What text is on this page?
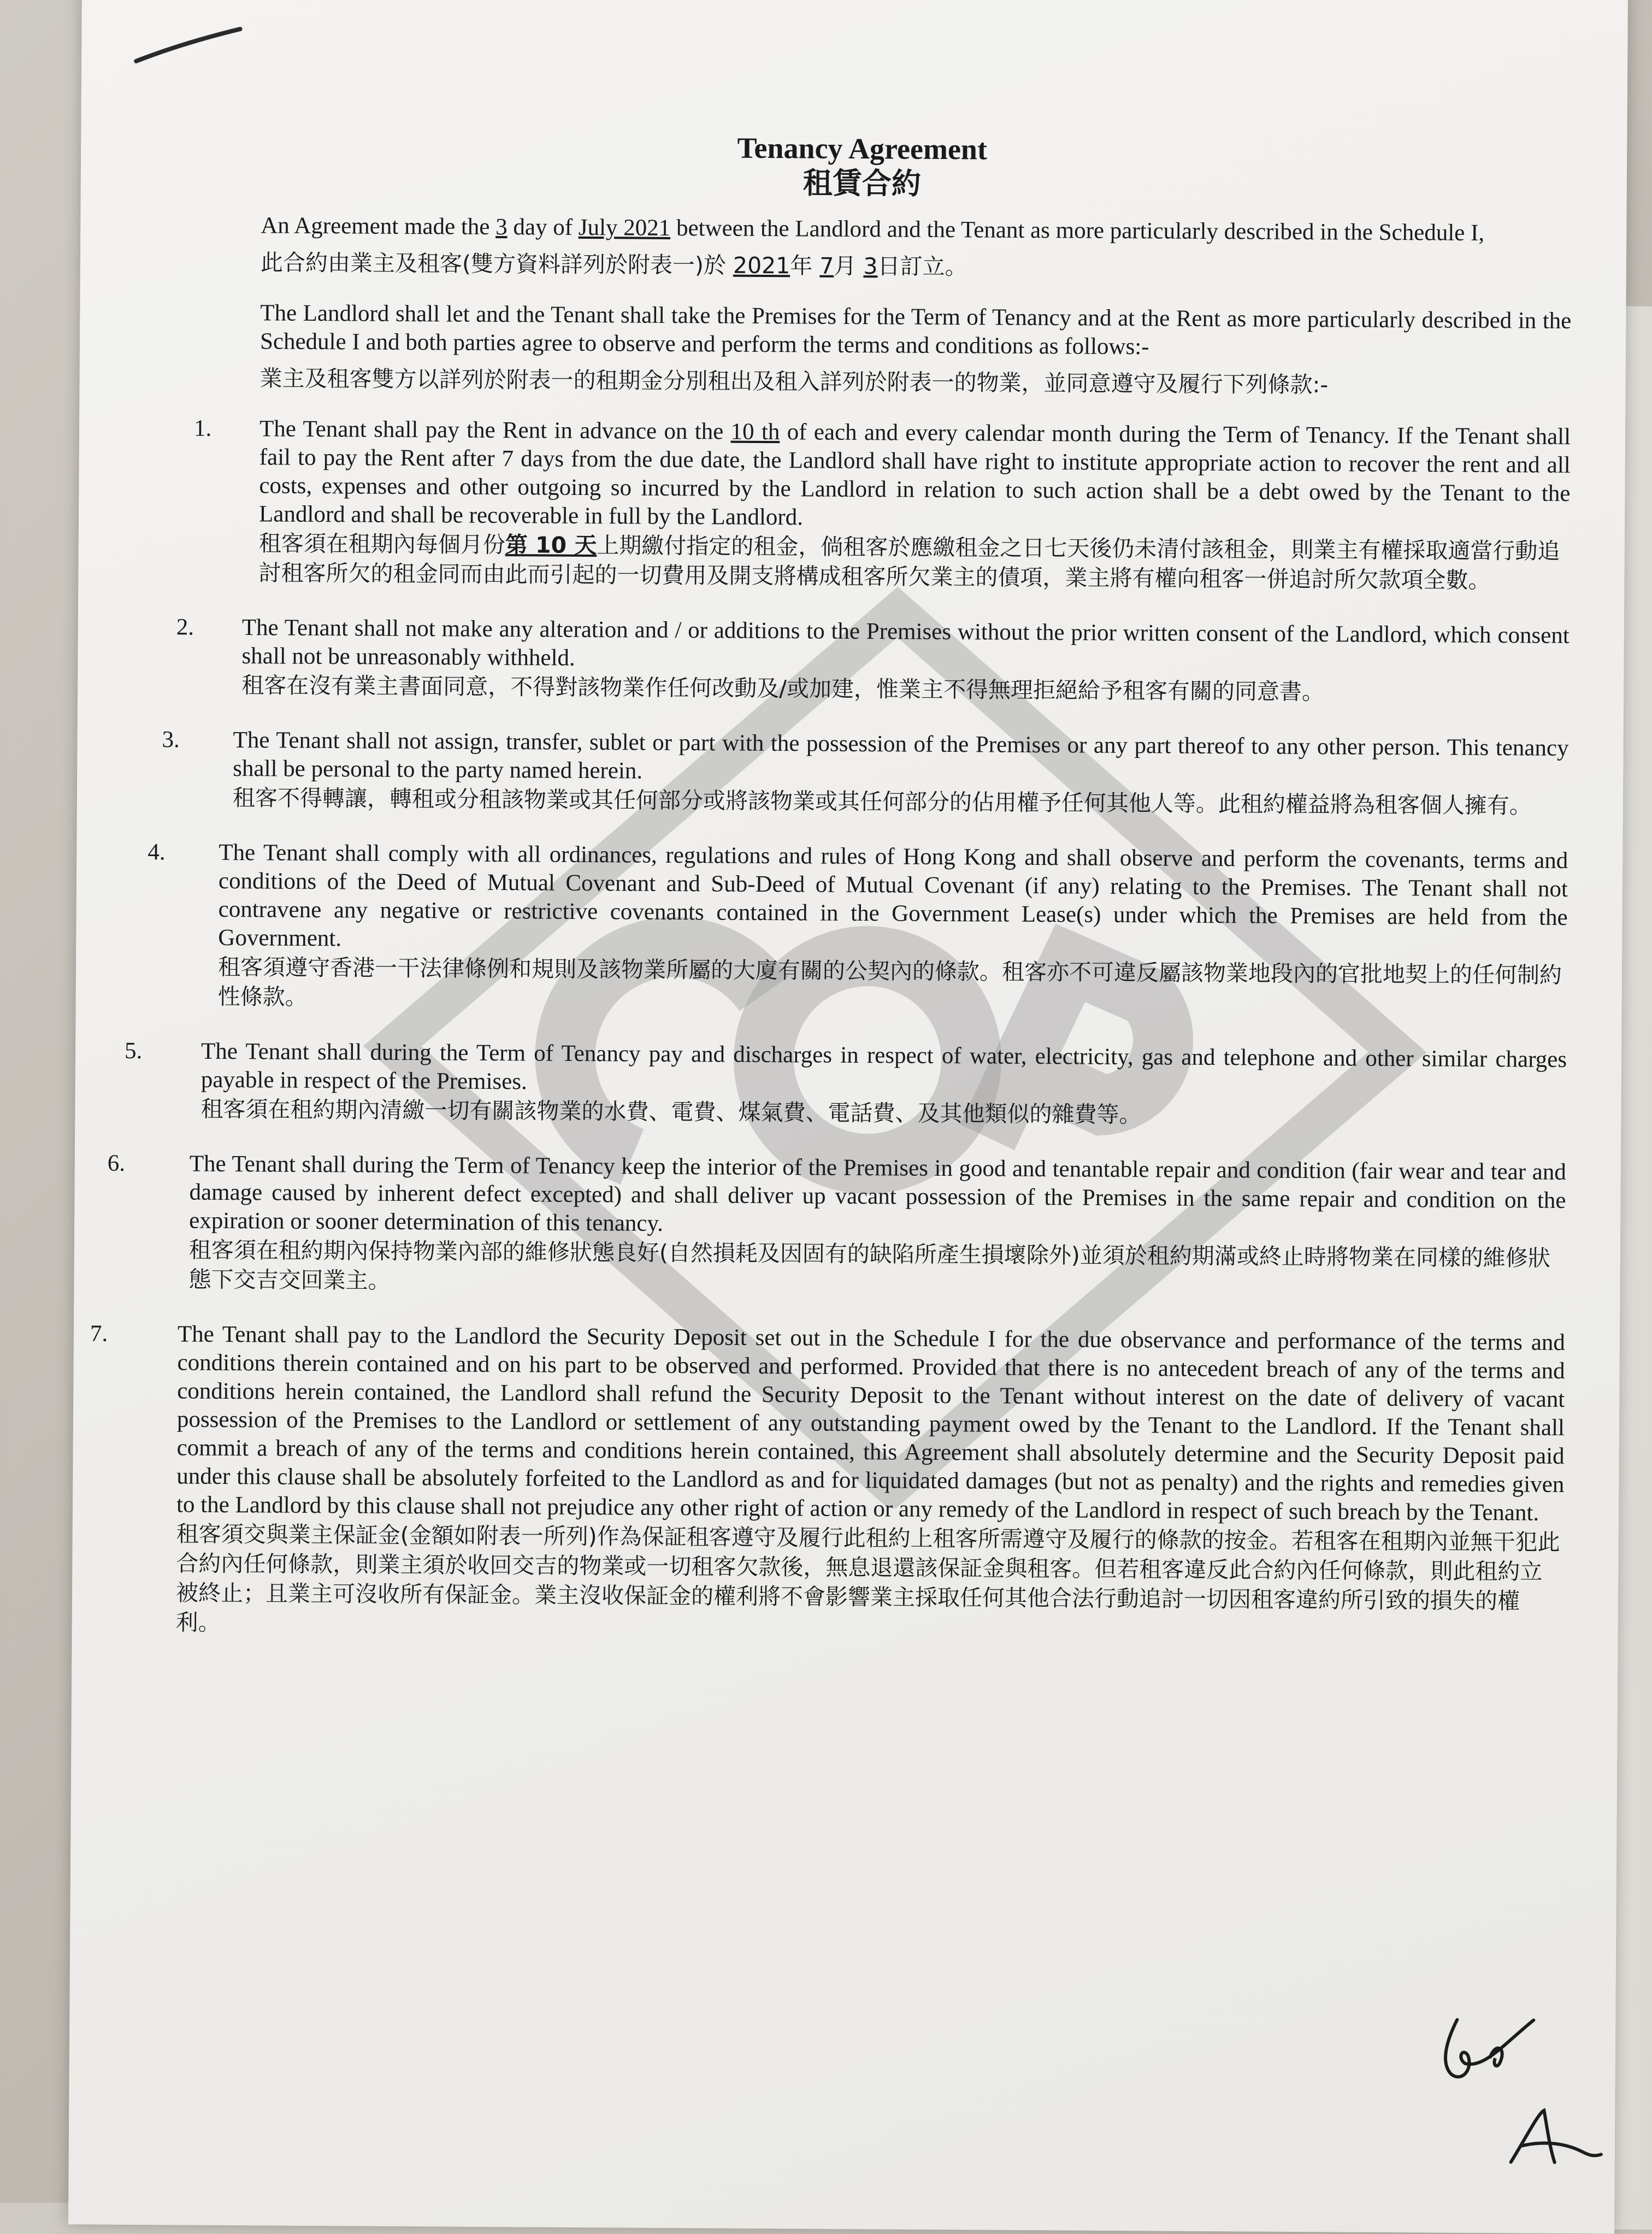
Tenancy Agreement
租賃合約
An Agreement made the 3 day of July 2021 between the Landlord and the Tenant as more particularly described in the Schedule I,
此合約由業主及租客(雙方資料詳列於附表一)於 2021年 7月 3日訂立。
The Landlord shall let and the Tenant shall take the Premises for the Term of Tenancy and at the Rent as more particularly described in the Schedule I and both parties agree to observe and perform the terms and conditions as follows:-
業主及租客雙方以詳列於附表一的租期金分別租出及租入詳列於附表一的物業，並同意遵守及履行下列條款:-
1.	The Tenant shall pay the Rent in advance on the 10 th of each and every calendar month during the Term of Tenancy. If the Tenant shall fail to pay the Rent after 7 days from the due date, the Landlord shall have right to institute appropriate action to recover the rent and all costs, expenses and other outgoing so incurred by the Landlord in relation to such action shall be a debt owed by the Tenant to the Landlord and shall be recoverable in full by the Landlord.
租客須在租期內每個月份第 10 天上期繳付指定的租金，倘租客於應繳租金之日七天後仍未清付該租金，則業主有權採取適當行動追討租客所欠的租金同而由此而引起的一切費用及開支將構成租客所欠業主的債項，業主將有權向租客一併追討所欠款項全數。
2.	The Tenant shall not make any alteration and / or additions to the Premises without the prior written consent of the Landlord, which consent shall not be unreasonably withheld.
租客在沒有業主書面同意，不得對該物業作任何改動及/或加建，惟業主不得無理拒絕給予租客有關的同意書。
3.	The Tenant shall not assign, transfer, sublet or part with the possession of the Premises or any part thereof to any other person. This tenancy shall be personal to the party named herein.
租客不得轉讓，轉租或分租該物業或其任何部分或將該物業或其任何部分的佔用權予任何其他人等。此租約權益將為租客個人擁有。
4.	The Tenant shall comply with all ordinances, regulations and rules of Hong Kong and shall observe and perform the covenants, terms and conditions of the Deed of Mutual Covenant and Sub-Deed of Mutual Covenant (if any) relating to the Premises. The Tenant shall not contravene any negative or restrictive covenants contained in the Government Lease(s) under which the Premises are held from the Government.
租客須遵守香港一干法律條例和規則及該物業所屬的大廈有關的公契內的條款。租客亦不可違反屬該物業地段內的官批地契上的任何制約性條款。
5.	The Tenant shall during the Term of Tenancy pay and discharges in respect of water, electricity, gas and telephone and other similar charges payable in respect of the Premises.
租客須在租約期內清繳一切有關該物業的水費、電費、煤氣費、電話費、及其他類似的雜費等。
6.	The Tenant shall during the Term of Tenancy keep the interior of the Premises in good and tenantable repair and condition (fair wear and tear and damage caused by inherent defect excepted) and shall deliver up vacant possession of the Premises in the same repair and condition on the expiration or sooner determination of this tenancy.
租客須在租約期內保持物業內部的維修狀態良好(自然損耗及因固有的缺陷所產生損壞除外)並須於租約期滿或終止時將物業在同樣的維修狀態下交吉交回業主。
7.	The Tenant shall pay to the Landlord the Security Deposit set out in the Schedule I for the due observance and performance of the terms and conditions therein contained and on his part to be observed and performed. Provided that there is no antecedent breach of any of the terms and conditions herein contained, the Landlord shall refund the Security Deposit to the Tenant without interest on the date of delivery of vacant possession of the Premises to the Landlord or settlement of any outstanding payment owed by the Tenant to the Landlord. If the Tenant shall commit a breach of any of the terms and conditions herein contained, this Agreement shall absolutely determine and the Security Deposit paid under this clause shall be absolutely forfeited to the Landlord as and for liquidated damages (but not as penalty) and the rights and remedies given to the Landlord by this clause shall not prejudice any other right of action or any remedy of the Landlord in respect of such breach by the Tenant.
租客須交與業主保証金(金額如附表一所列)作為保証租客遵守及履行此租約上租客所需遵守及履行的條款的按金。若租客在租期內並無干犯此合約內任何條款，則業主須於收回交吉的物業或一切租客欠款後，無息退還該保証金與租客。但若租客違反此合約內任何條款，則此租約立被終止；且業主可沒收所有保証金。業主沒收保証金的權利將不會影響業主採取任何其他合法行動追討一切因租客違約所引致的損失的權利。
